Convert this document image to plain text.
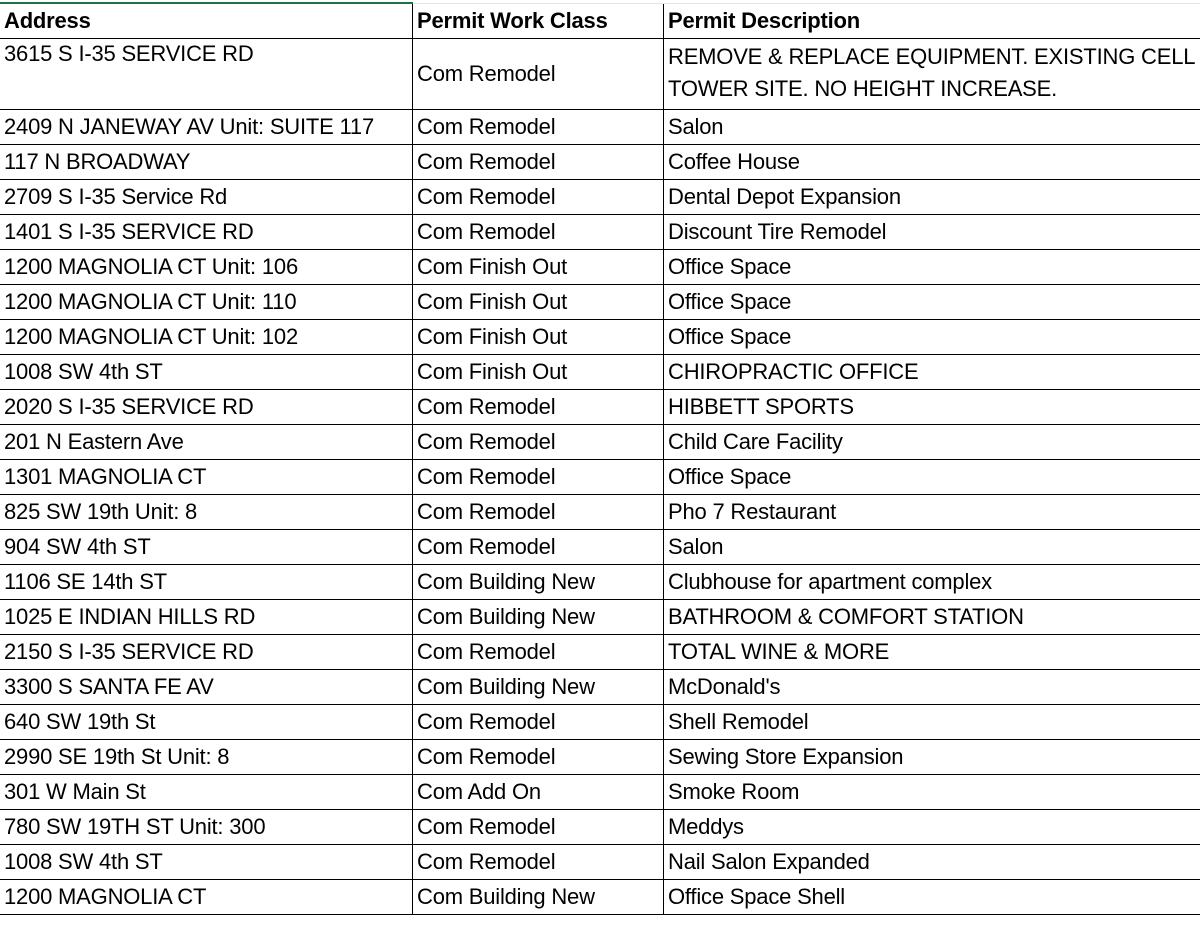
Address	Permit Work Class	Permit Description
3615 S I-35 SERVICE RD	Com Remodel	REMOVE & REPLACE EQUIPMENT. EXISTING CELL TOWER SITE. NO HEIGHT INCREASE.
2409 N JANEWAY AV Unit: SUITE 117	Com Remodel	Salon
117 N BROADWAY	Com Remodel	Coffee House
2709 S I-35 Service Rd	Com Remodel	Dental Depot Expansion
1401 S I-35 SERVICE RD	Com Remodel	Discount Tire Remodel
1200 MAGNOLIA CT Unit: 106	Com Finish Out	Office Space
1200 MAGNOLIA CT Unit: 110	Com Finish Out	Office Space
1200 MAGNOLIA CT Unit: 102	Com Finish Out	Office Space
1008 SW 4th ST	Com Finish Out	CHIROPRACTIC OFFICE
2020 S I-35 SERVICE RD	Com Remodel	HIBBETT SPORTS
201 N Eastern Ave	Com Remodel	Child Care Facility
1301 MAGNOLIA CT	Com Remodel	Office Space
825 SW 19th Unit: 8	Com Remodel	Pho 7 Restaurant
904 SW 4th ST	Com Remodel	Salon
1106 SE 14th ST	Com Building New	Clubhouse for apartment complex
1025 E INDIAN HILLS RD	Com Building New	BATHROOM & COMFORT STATION
2150 S I-35 SERVICE RD	Com Remodel	TOTAL WINE & MORE
3300 S SANTA FE AV	Com Building New	McDonald's
640 SW 19th St	Com Remodel	Shell Remodel
2990 SE 19th St Unit: 8	Com Remodel	Sewing Store Expansion
301 W Main St	Com Add On	Smoke Room
780 SW 19TH ST Unit: 300	Com Remodel	Meddys
1008 SW 4th ST	Com Remodel	Nail Salon Expanded
1200 MAGNOLIA CT	Com Building New	Office Space Shell
